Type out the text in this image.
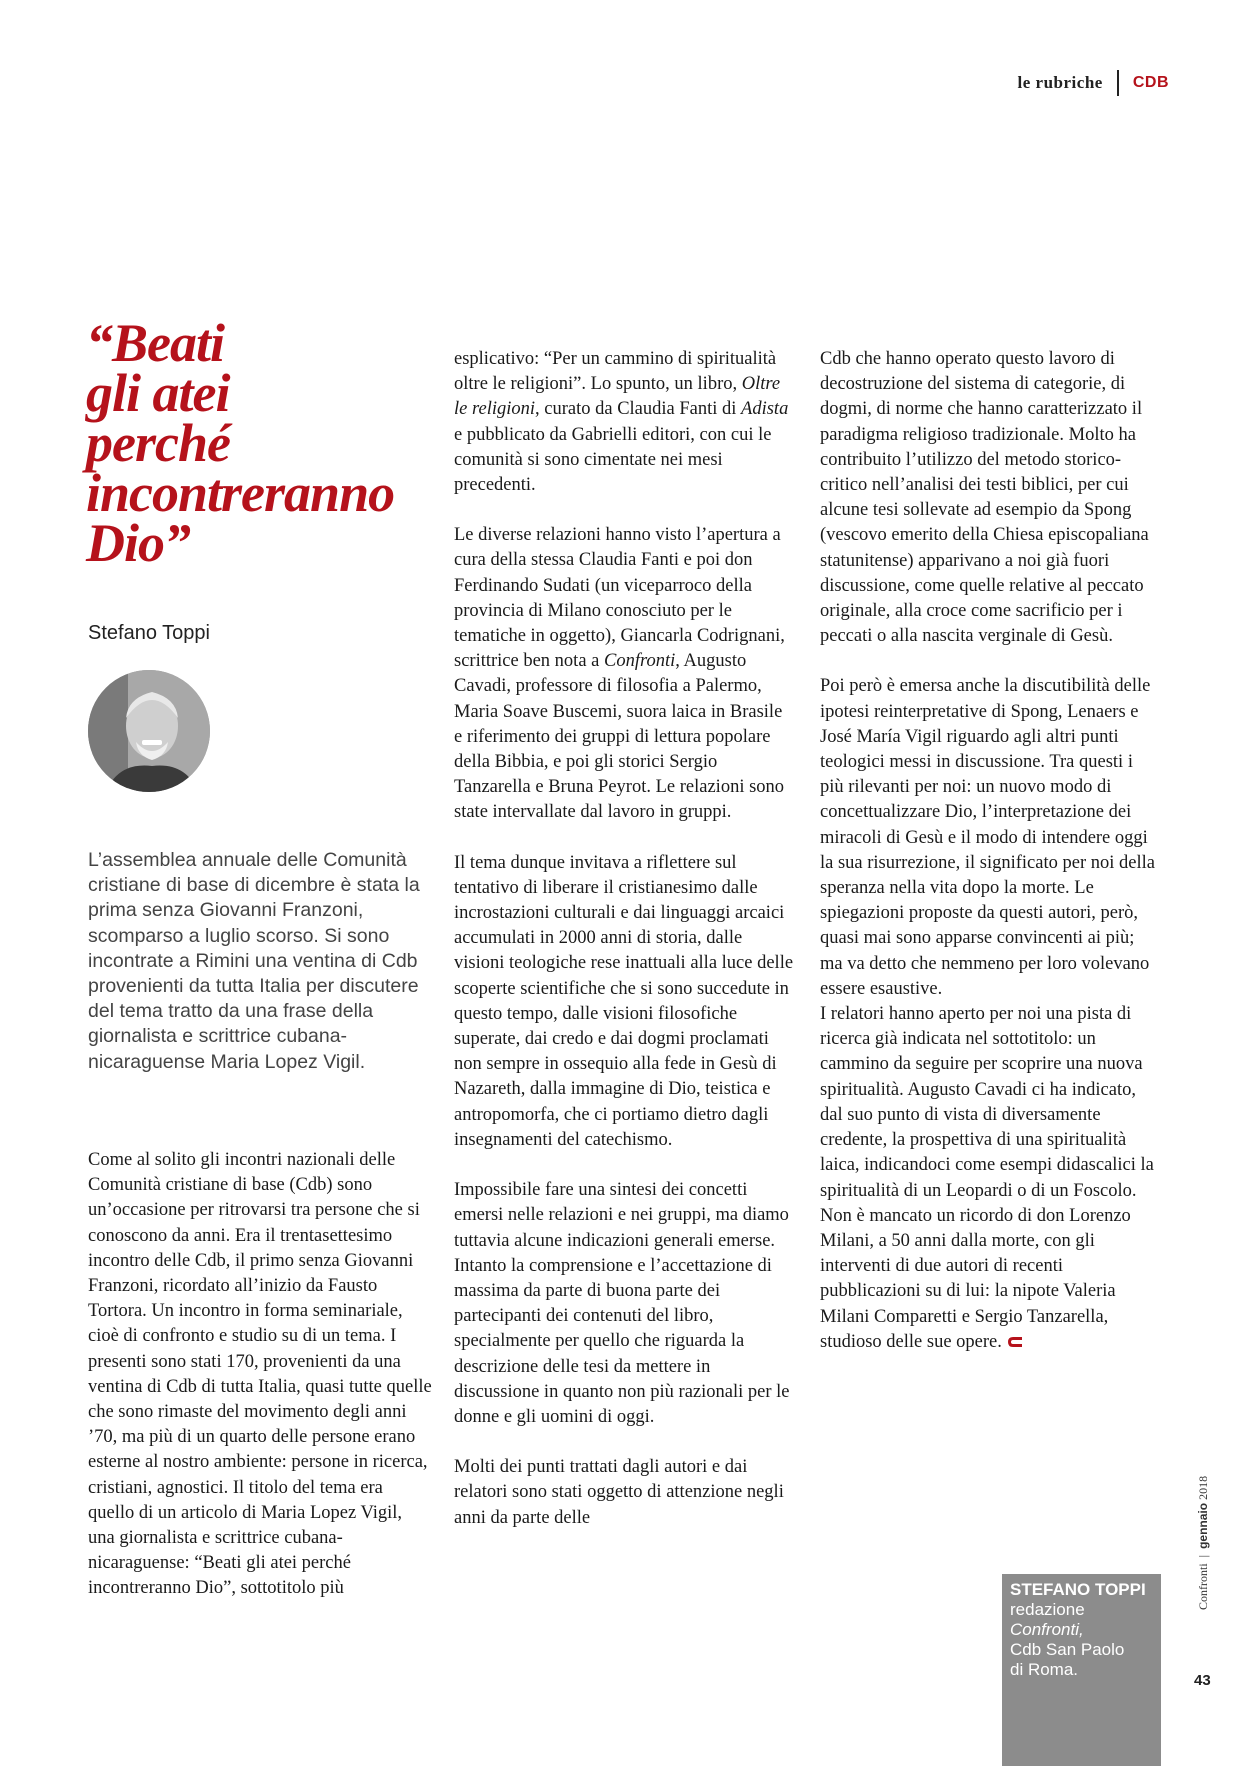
le rubriche CDB
“Beati
gli atei
perché
incontreranno
Dio”
Stefano Toppi
L’assemblea annuale delle Comunità cristiane di base di dicembre è stata la prima senza Giovanni Franzoni, scomparso a luglio scorso. Si sono incontrate a Rimini una ventina di Cdb provenienti da tutta Italia per discutere del tema tratto da una frase della giornalista e scrittrice cubana-nicaraguense Maria Lopez Vigil.

Come al solito gli incontri nazionali delle Comunità cristiane di base (Cdb) sono un’occasione per ritrovarsi tra persone che si conoscono da anni. Era il trentasettesimo incontro delle Cdb, il primo senza Giovanni Franzoni, ricordato all’inizio da Fausto Tortora. Un incontro in forma seminariale, cioè di confronto e studio su di un tema. I presenti sono stati 170, provenienti da una ventina di Cdb di tutta Italia, quasi tutte quelle che sono rimaste del movimento degli anni ’70, ma più di un quarto delle persone erano esterne al nostro ambiente: persone in ricerca, cristiani, agnostici. Il titolo del tema era quello di un articolo di Maria Lopez Vigil, una giornalista e scrittrice cubana-nicaraguense: “Beati gli atei perché incontreranno Dio”, sottotitolo più

esplicativo: “Per un cammino di spiritualità oltre le religioni”. Lo spunto, un libro, Oltre le religioni, curato da Claudia Fanti di Adista e pubblicato da Gabrielli editori, con cui le comunità si sono cimentate nei mesi precedenti.

Le diverse relazioni hanno visto l’apertura a cura della stessa Claudia Fanti e poi don Ferdinando Sudati (un viceparroco della provincia di Milano conosciuto per le tematiche in oggetto), Giancarla Codrignani, scrittrice ben nota a Confronti, Augusto Cavadi, professore di filosofia a Palermo, Maria Soave Buscemi, suora laica in Brasile e riferimento dei gruppi di lettura popolare della Bibbia, e poi gli storici Sergio Tanzarella e Bruna Peyrot. Le relazioni sono state intervallate dal lavoro in gruppi.

Il tema dunque invitava a riflettere sul tentativo di liberare il cristianesimo dalle incrostazioni culturali e dai linguaggi arcaici accumulati in 2000 anni di storia, dalle visioni teologiche rese inattuali alla luce delle scoperte scientifiche che si sono succedute in questo tempo, dalle visioni filosofiche superate, dai credo e dai dogmi proclamati non sempre in ossequio alla fede in Gesù di Nazareth, dalla immagine di Dio, teistica e antropomorfa, che ci portiamo dietro dagli insegnamenti del catechismo.

Impossibile fare una sintesi dei concetti emersi nelle relazioni e nei gruppi, ma diamo tuttavia alcune indicazioni generali emerse. Intanto la comprensione e l’accettazione di massima da parte di buona parte dei partecipanti dei contenuti del libro, specialmente per quello che riguarda la descrizione delle tesi da mettere in discussione in quanto non più razionali per le donne e gli uomini di oggi.

Molti dei punti trattati dagli autori e dai relatori sono stati oggetto di attenzione negli anni da parte delle

Cdb che hanno operato questo lavoro di decostruzione del sistema di categorie, di dogmi, di norme che hanno caratterizzato il paradigma religioso tradizionale. Molto ha contribuito l’utilizzo del metodo storico-critico nell’analisi dei testi biblici, per cui alcune tesi sollevate ad esempio da Spong (vescovo emerito della Chiesa episcopaliana statunitense) apparivano a noi già fuori discussione, come quelle relative al peccato originale, alla croce come sacrificio per i peccati o alla nascita verginale di Gesù.

Poi però è emersa anche la discutibilità delle ipotesi reinterpretative di Spong, Lenaers e José María Vigil riguardo agli altri punti teologici messi in discussione. Tra questi i più rilevanti per noi: un nuovo modo di concettualizzare Dio, l’interpretazione dei miracoli di Gesù e il modo di intendere oggi la sua risurrezione, il significato per noi della speranza nella vita dopo la morte. Le spiegazioni proposte da questi autori, però, quasi mai sono apparse convincenti ai più; ma va detto che nemmeno per loro volevano essere esaustive.

I relatori hanno aperto per noi una pista di ricerca già indicata nel sottotitolo: un cammino da seguire per scoprire una nuova spiritualità. Augusto Cavadi ci ha indicato, dal suo punto di vista di diversamente credente, la prospettiva di una spiritualità laica, indicandoci come esempi didascalici la spiritualità di un Leopardi o di un Foscolo. Non è mancato un ricordo di don Lorenzo Milani, a 50 anni dalla morte, con gli interventi di due autori di recenti pubblicazioni su di lui: la nipote Valeria Milani Comparetti e Sergio Tanzarella, studioso delle sue opere.

STEFANO TOPPI
redazione
Confronti,
Cdb San Paolo
di Roma.
Confronti  |  gennaio 2018
43
